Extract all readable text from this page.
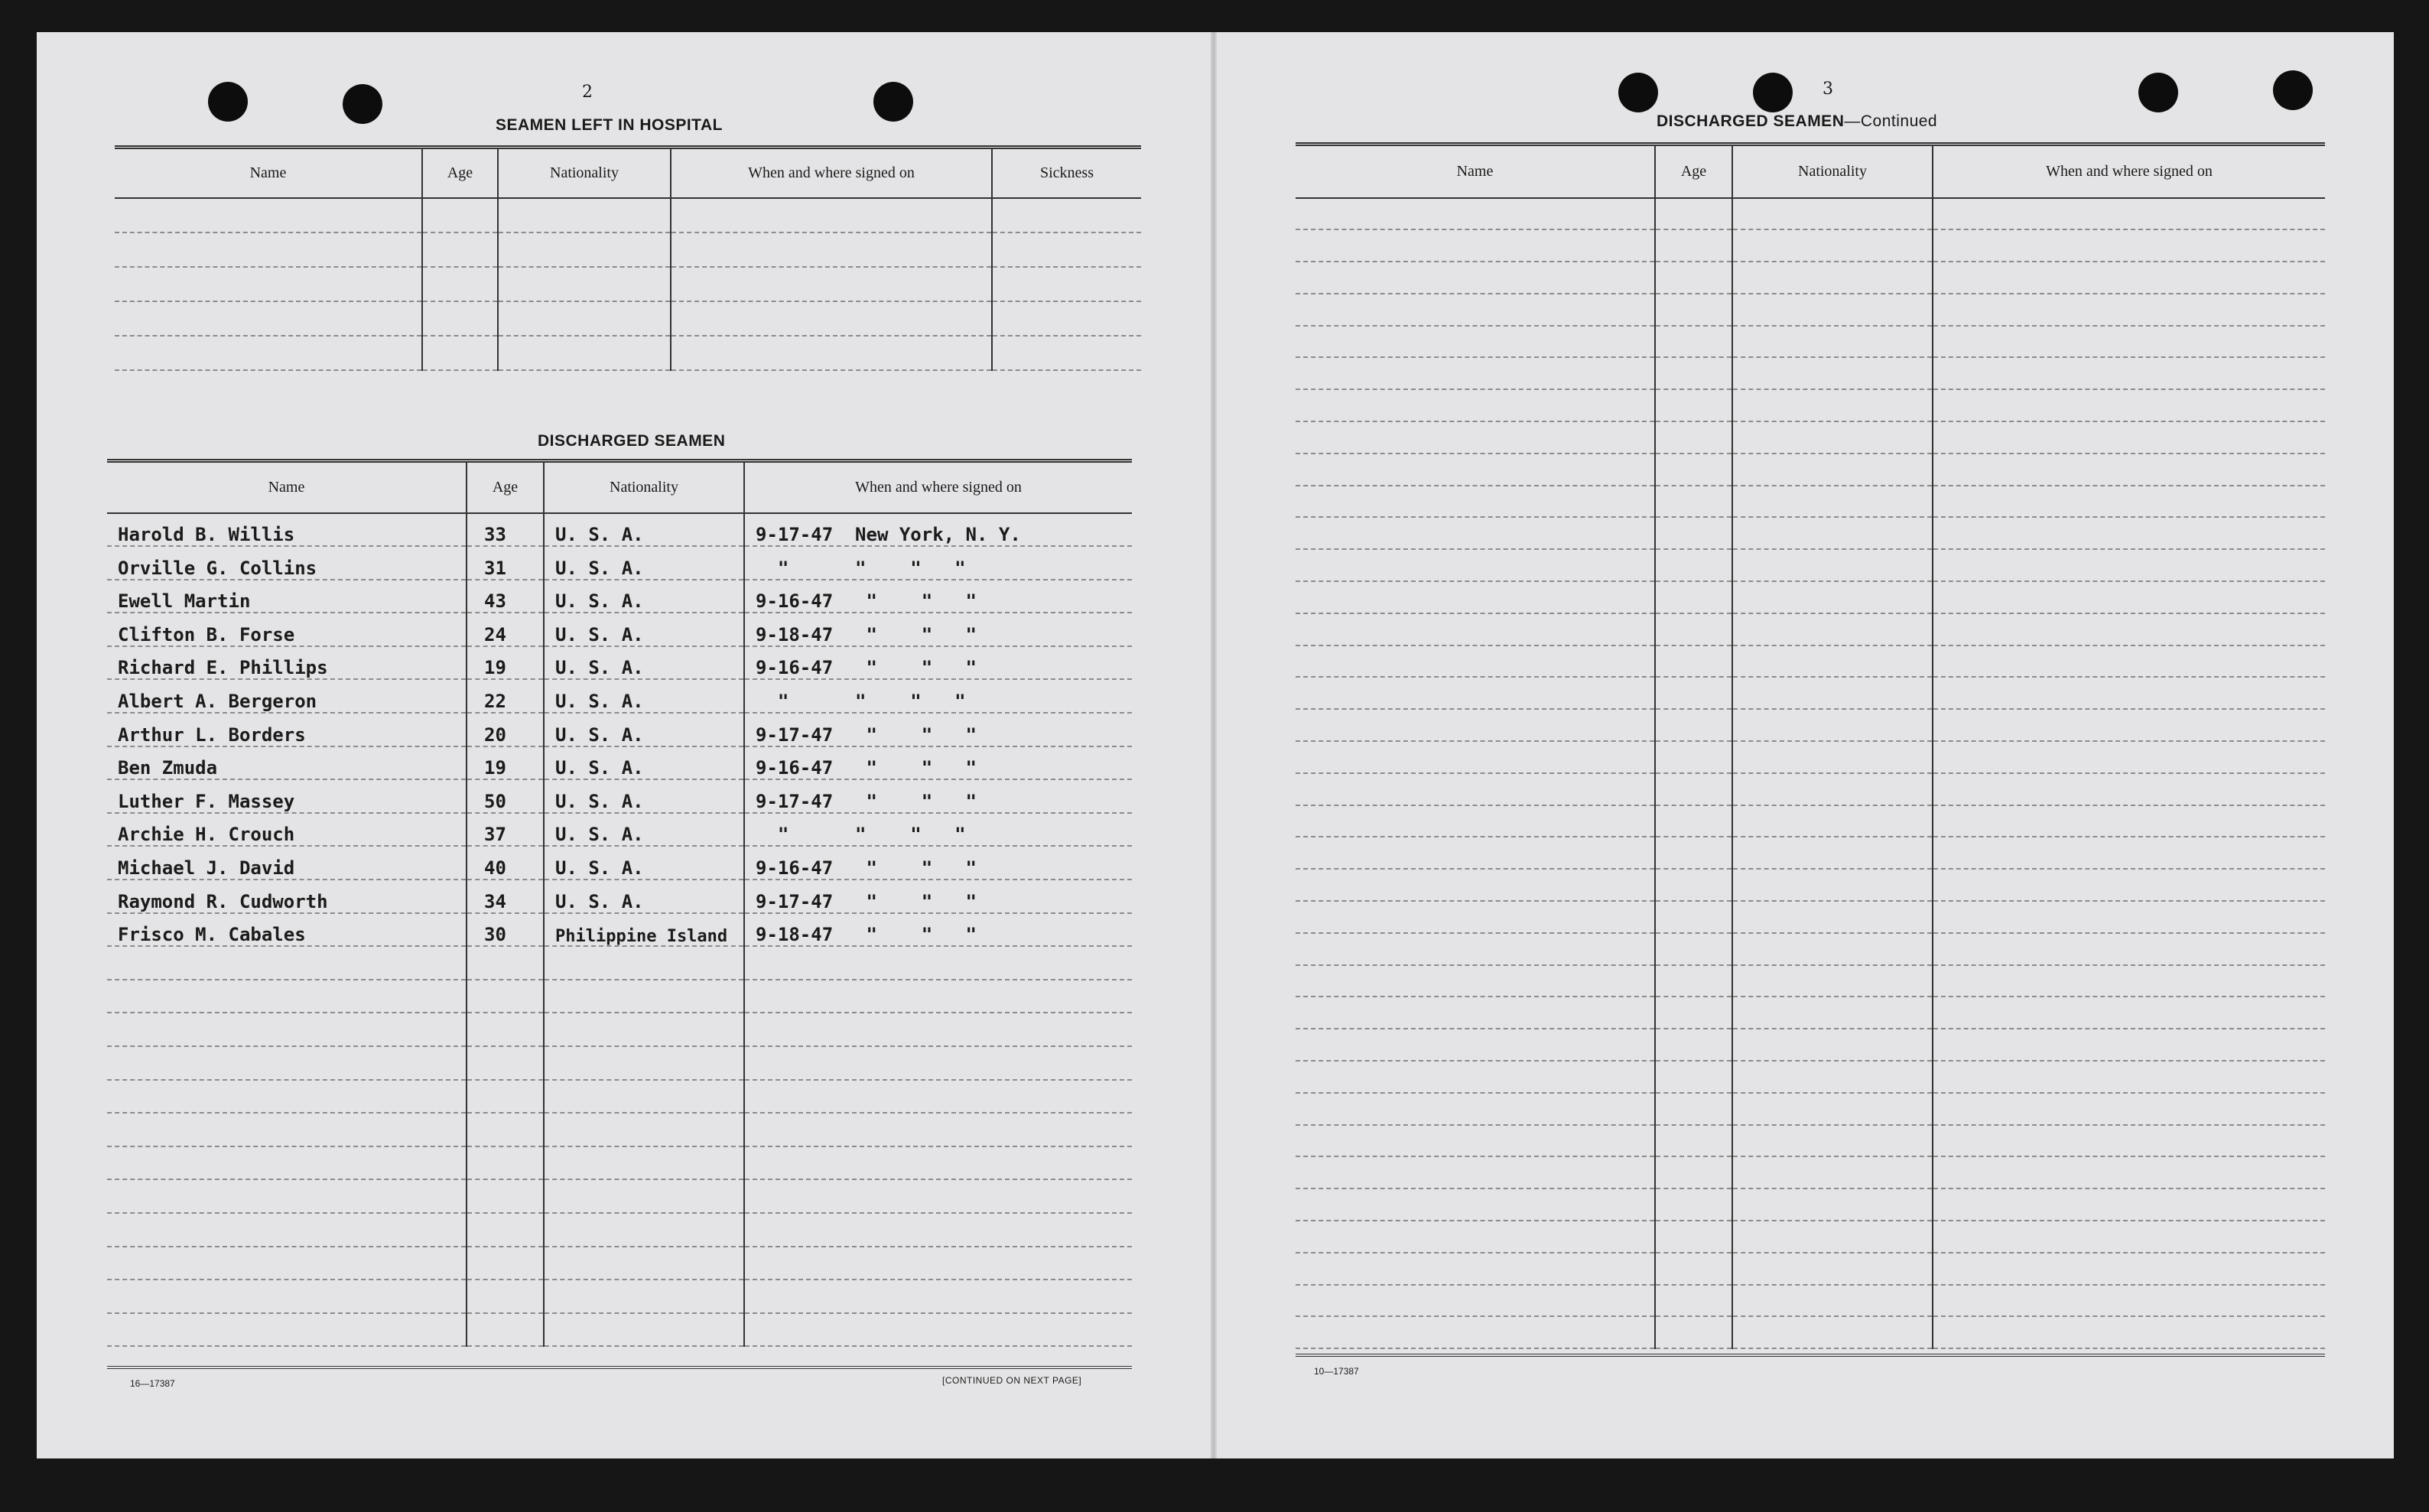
2
SEAMEN LEFT IN HOSPITAL
Name	Age	Nationality	When and where signed on	Sickness

DISCHARGED SEAMEN
Name	Age	Nationality	When and where signed on
Harold B. Willis	33	U. S. A.	9-17-47  New York, N. Y.
Orville G. Collins	31	U. S. A.	"      "    "   "
Ewell Martin	43	U. S. A.	9-16-47   "    "   "
Clifton B. Forse	24	U. S. A.	9-18-47   "    "   "
Richard E. Phillips	19	U. S. A.	9-16-47   "    "   "
Albert A. Bergeron	22	U. S. A.	"      "    "   "
Arthur L. Borders	20	U. S. A.	9-17-47   "    "   "
Ben Zmuda	19	U. S. A.	9-16-47   "    "   "
Luther F. Massey	50	U. S. A.	9-17-47   "    "   "
Archie H. Crouch	37	U. S. A.	"      "    "   "
Michael J. David	40	U. S. A.	9-16-47   "    "   "
Raymond R. Cudworth	34	U. S. A.	9-17-47   "    "   "
Frisco M. Cabales	30	Philippine Island	9-18-47   "    "   "

16—17387	[CONTINUED ON NEXT PAGE]
3
DISCHARGED SEAMEN—Continued
Name	Age	Nationality	When and where signed on

10—17387
